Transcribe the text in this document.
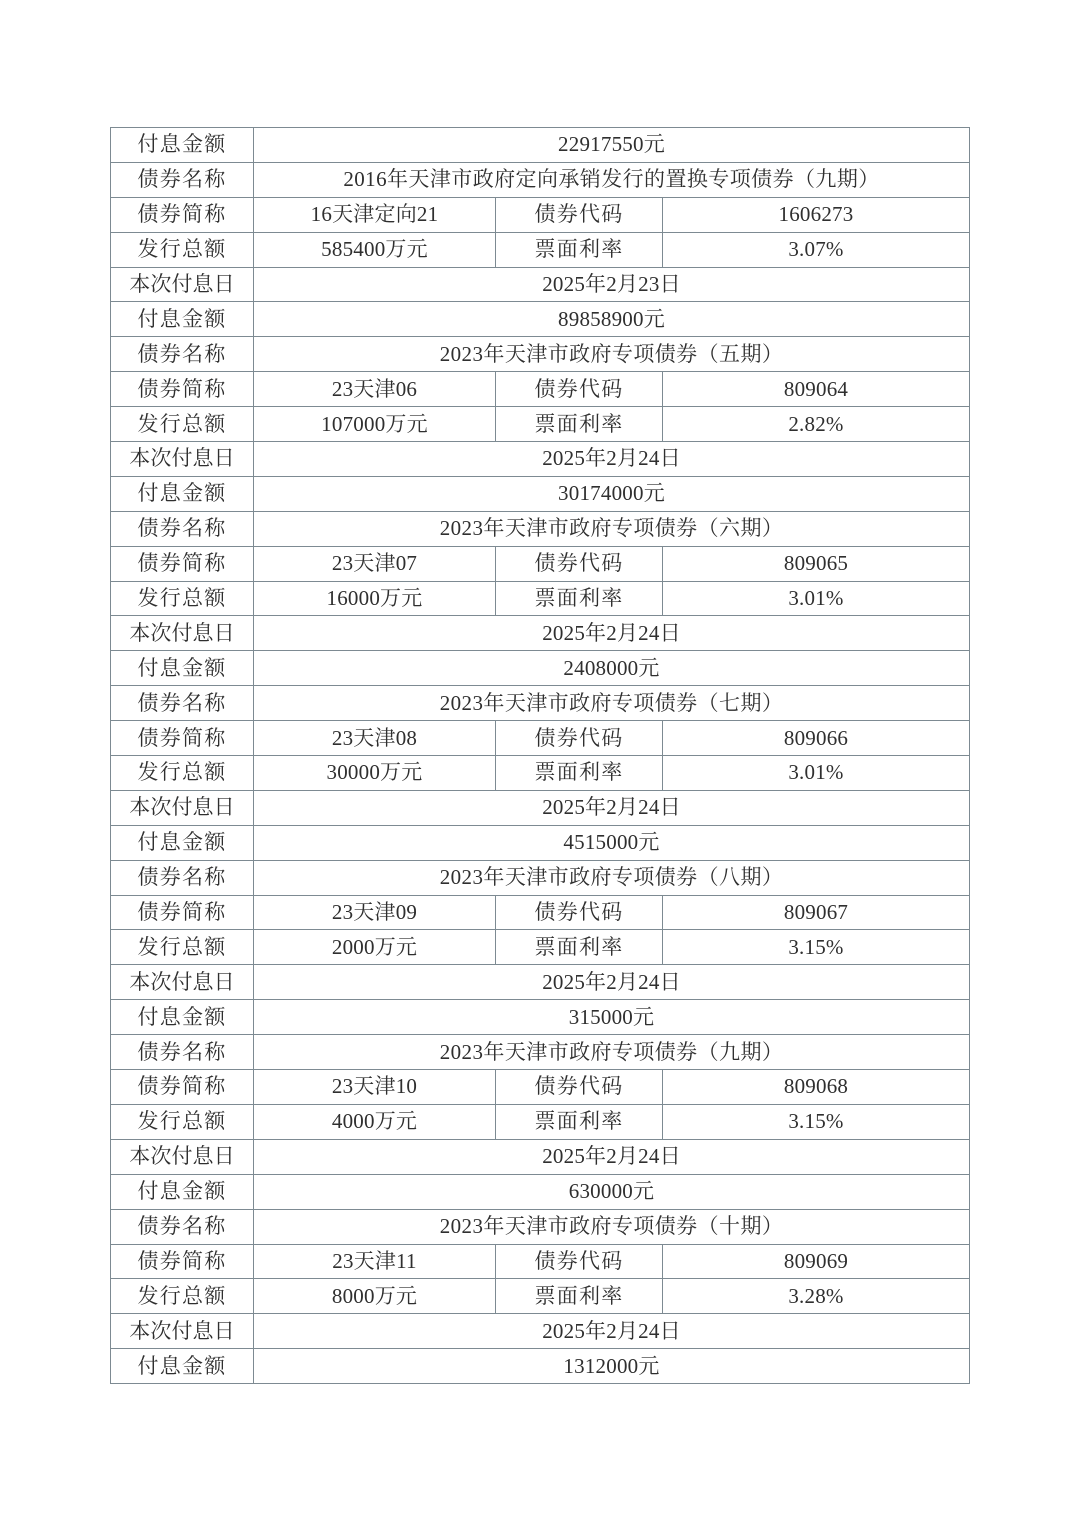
付息金额	22917550元		
债券名称	2016年天津市政府定向承销发行的置换专项债券（九期）		
债券简称	16天津定向21	债券代码	1606273
发行总额	585400万元	票面利率	3.07%
本次付息日	2025年2月23日		
付息金额	89858900元		
债券名称	2023年天津市政府专项债券（五期）		
债券简称	23天津06	债券代码	809064
发行总额	107000万元	票面利率	2.82%
本次付息日	2025年2月24日		
付息金额	30174000元		
债券名称	2023年天津市政府专项债券（六期）		
债券简称	23天津07	债券代码	809065
发行总额	16000万元	票面利率	3.01%
本次付息日	2025年2月24日		
付息金额	2408000元		
债券名称	2023年天津市政府专项债券（七期）		
债券简称	23天津08	债券代码	809066
发行总额	30000万元	票面利率	3.01%
本次付息日	2025年2月24日		
付息金额	4515000元		
债券名称	2023年天津市政府专项债券（八期）		
债券简称	23天津09	债券代码	809067
发行总额	2000万元	票面利率	3.15%
本次付息日	2025年2月24日		
付息金额	315000元		
债券名称	2023年天津市政府专项债券（九期）		
债券简称	23天津10	债券代码	809068
发行总额	4000万元	票面利率	3.15%
本次付息日	2025年2月24日		
付息金额	630000元		
债券名称	2023年天津市政府专项债券（十期）		
债券简称	23天津11	债券代码	809069
发行总额	8000万元	票面利率	3.28%
本次付息日	2025年2月24日		
付息金额	1312000元		
